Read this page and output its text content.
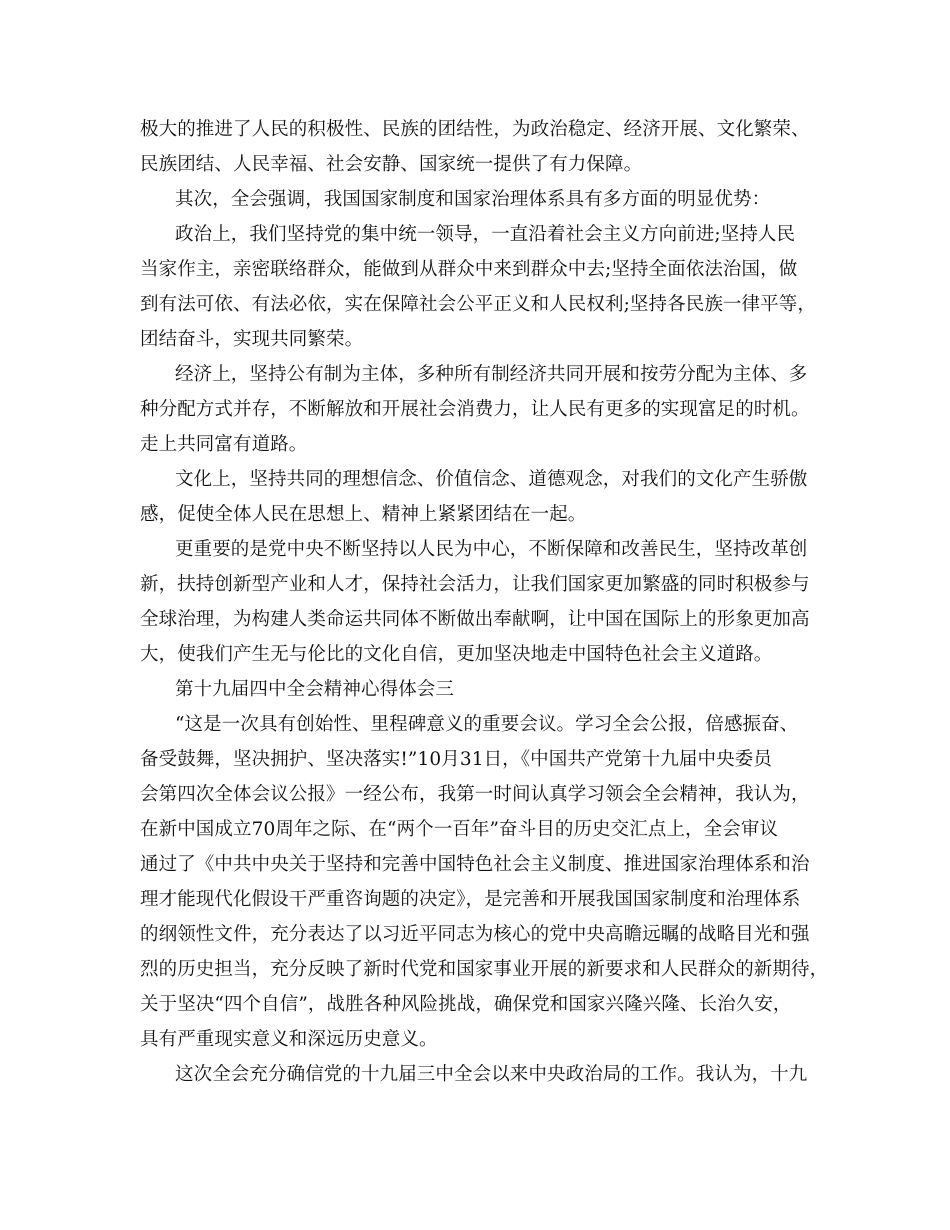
极大的推进了人民的积极性、民族的团结性，为政治稳定、经济开展、文化繁荣、
民族团结、人民幸福、社会安静、国家统一提供了有力保障。
其次，全会强调，我国国家制度和国家治理体系具有多方面的明显优势：
政治上，我们坚持党的集中统一领导，一直沿着社会主义方向前进;坚持人民
当家作主，亲密联络群众，能做到从群众中来到群众中去;坚持全面依法治国，做
到有法可依、有法必依，实在保障社会公平正义和人民权利;坚持各民族一律平等，
团结奋斗，实现共同繁荣。
经济上，坚持公有制为主体，多种所有制经济共同开展和按劳分配为主体、多
种分配方式并存，不断解放和开展社会消费力，让人民有更多的实现富足的时机。
走上共同富有道路。
文化上，坚持共同的理想信念、价值信念、道德观念，对我们的文化产生骄傲
感，促使全体人民在思想上、精神上紧紧团结在一起。
更重要的是党中央不断坚持以人民为中心，不断保障和改善民生，坚持改革创
新，扶持创新型产业和人才，保持社会活力，让我们国家更加繁盛的同时积极参与
全球治理，为构建人类命运共同体不断做出奉献啊，让中国在国际上的形象更加高
大，使我们产生无与伦比的文化自信，更加坚决地走中国特色社会主义道路。
第十九届四中全会精神心得体会三
“这是一次具有创始性、里程碑意义的重要会议。学习全会公报，倍感振奋、
备受鼓舞，坚决拥护、坚决落实!”10月31日，《中国共产党第十九届中央委员
会第四次全体会议公报》一经公布，我第一时间认真学习领会全会精神，我认为，
在新中国成立70周年之际、在“两个一百年”奋斗目的历史交汇点上，全会审议
通过了《中共中央关于坚持和完善中国特色社会主义制度、推进国家治理体系和治
理才能现代化假设干严重咨询题的决定》，是完善和开展我国国家制度和治理体系
的纲领性文件，充分表达了以习近平同志为核心的党中央高瞻远瞩的战略目光和强
烈的历史担当，充分反映了新时代党和国家事业开展的新要求和人民群众的新期待，
关于坚决“四个自信”，战胜各种风险挑战，确保党和国家兴隆兴隆、长治久安，
具有严重现实意义和深远历史意义。
这次全会充分确信党的十九届三中全会以来中央政治局的工作。我认为，十九
